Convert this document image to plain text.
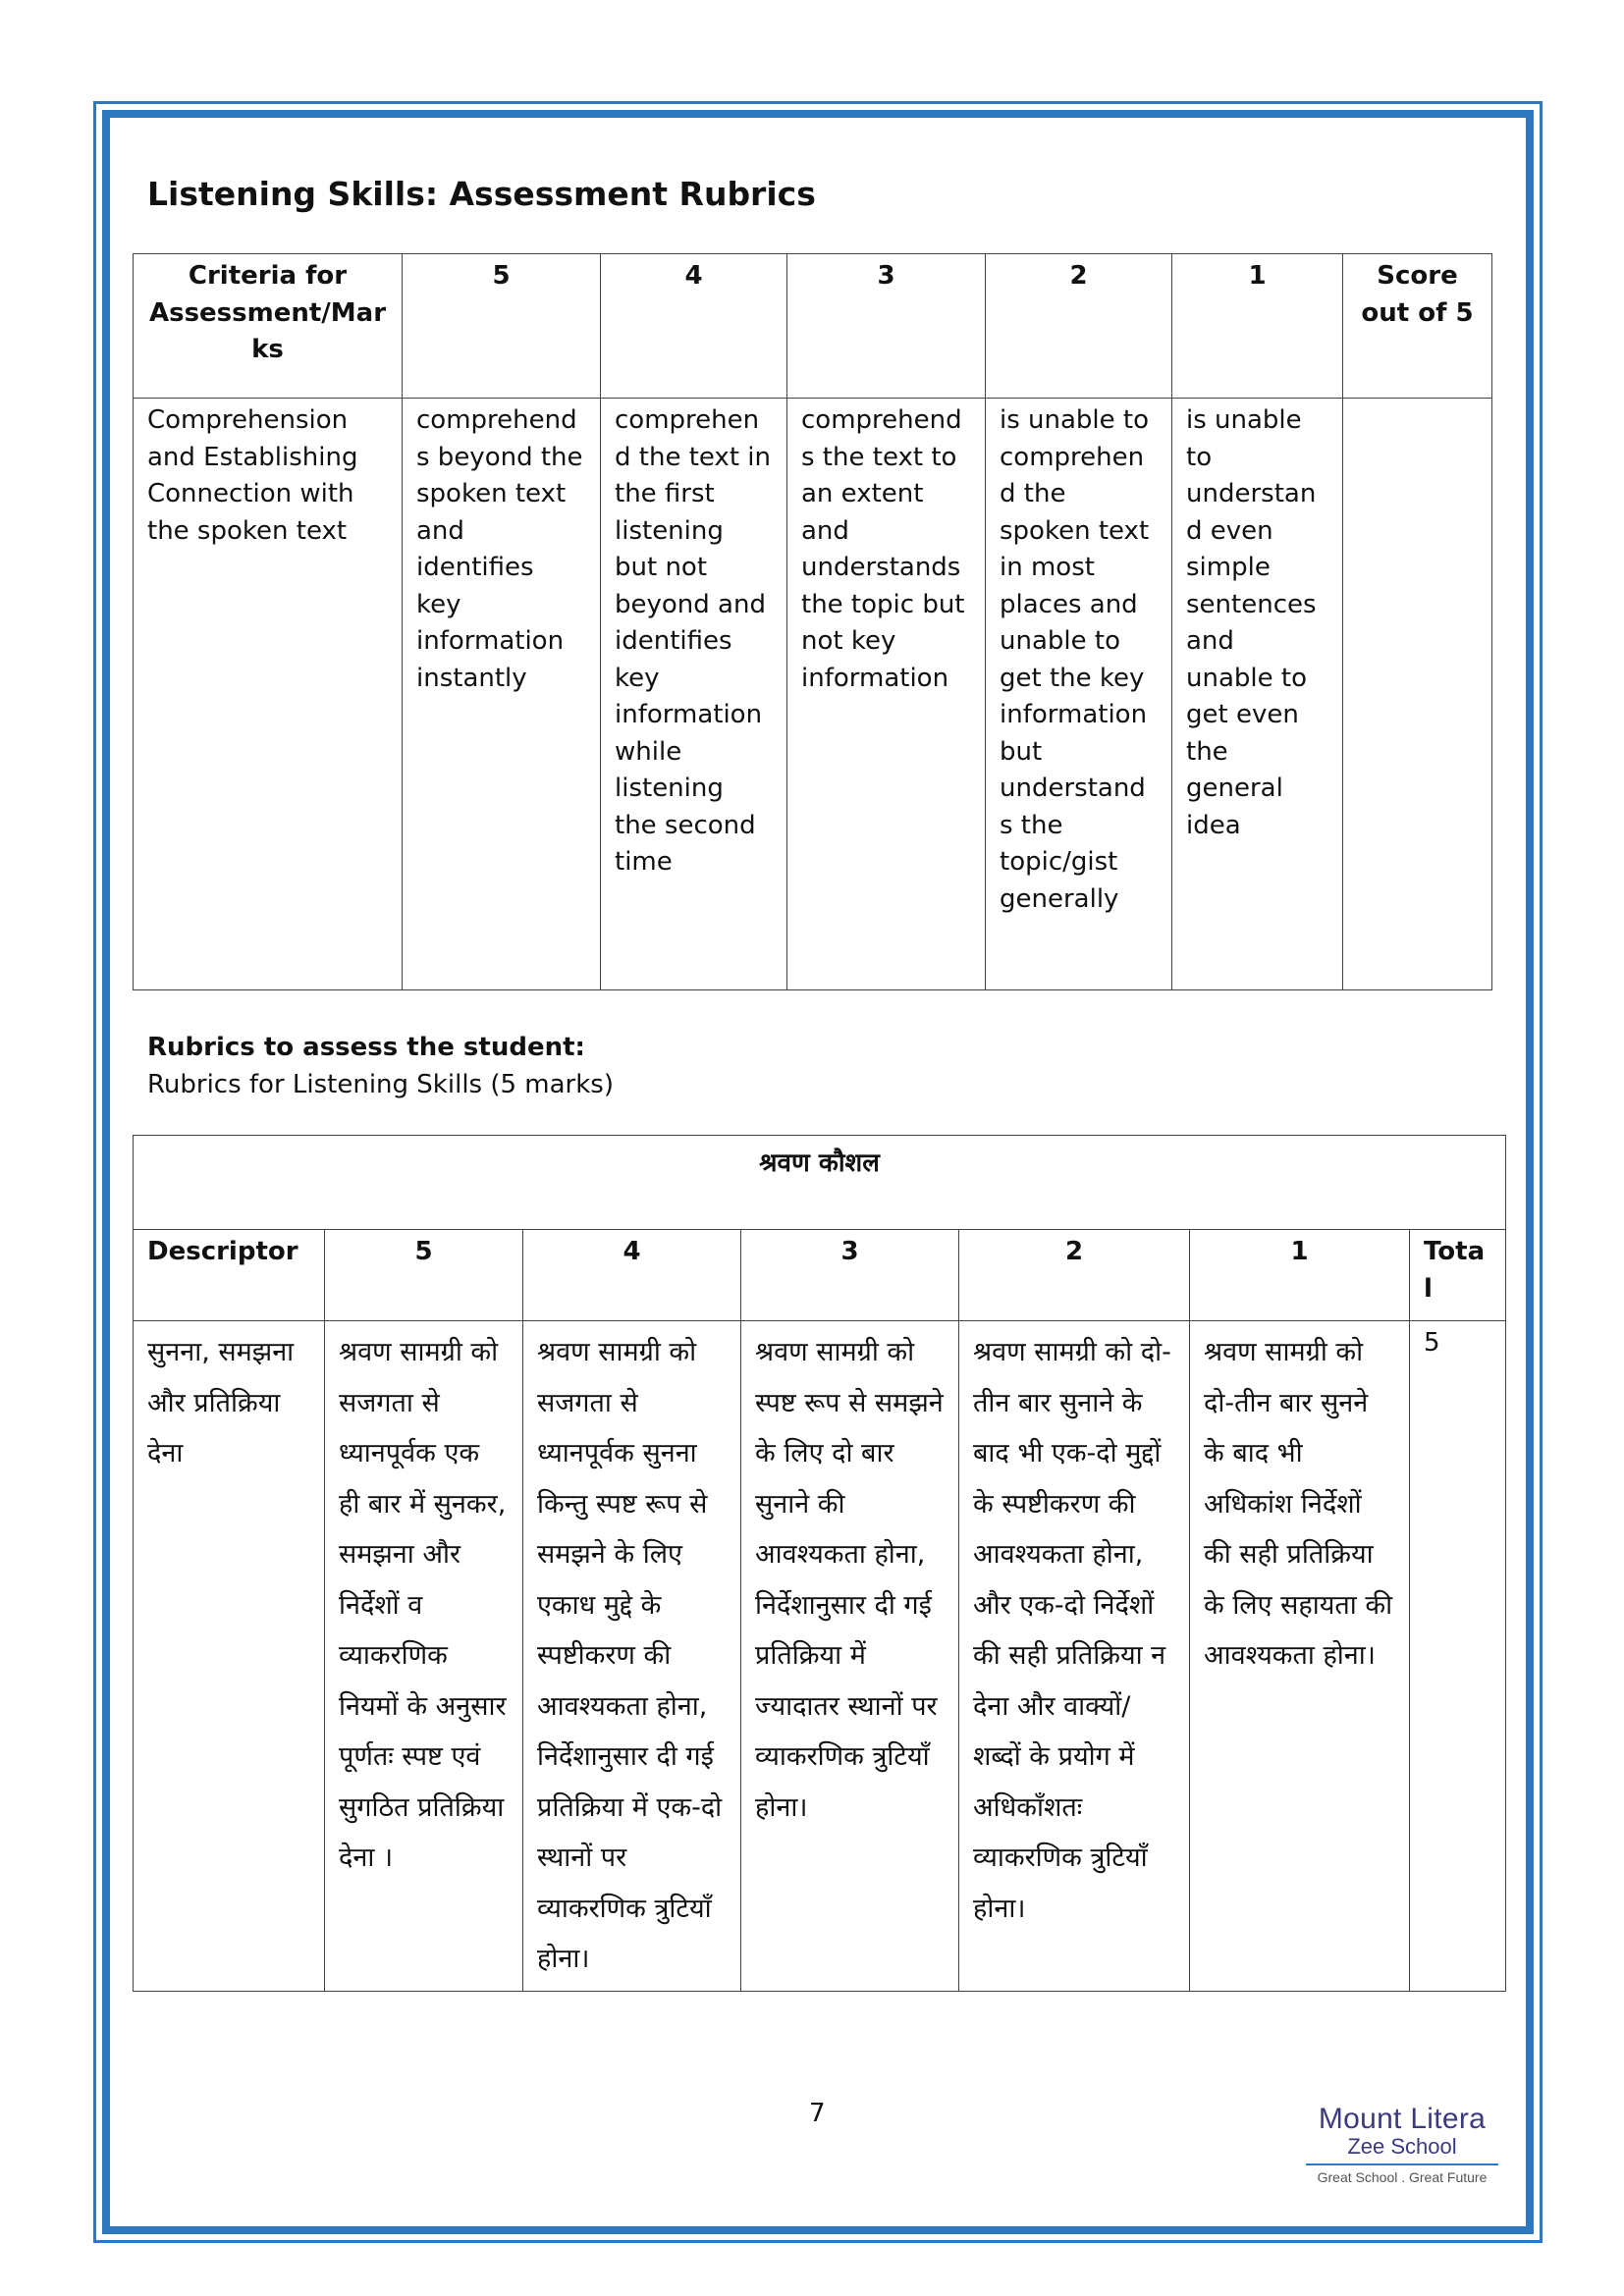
Listening Skills: Assessment Rubrics
Criteria for Assessment/Marks	5	4	3	2	1	Score out of 5
Comprehension and Establishing Connection with the spoken text	comprehends beyond the spoken text and identifies key information instantly	comprehend the text in the first listening but not beyond and identifies key information while listening the second time	comprehends the text to an extent and understands the topic but not key information	is unable to comprehend the spoken text in most places and unable to get the key information but understands the topic/gist generally	is unable to understand even simple sentences and unable to get even the general idea	
Rubrics to assess the student:
Rubrics for Listening Skills (5 marks)
श्रवण कौशल						
Descriptor	5	4	3	2	1	Total
सुनना, समझना और प्रतिक्रिया देना	श्रवण सामग्री को सजगता से ध्यानपूर्वक एक ही बार में सुनकर, समझना और निर्देशों व व्याकरणिक नियमों के अनुसार पूर्णतः स्पष्ट एवं सुगठित प्रतिक्रिया देना ।	श्रवण सामग्री को सजगता से ध्यानपूर्वक सुनना किन्तु स्पष्ट रूप से समझने के लिए एकाध मुद्दे के स्पष्टीकरण की आवश्यकता होना, निर्देशानुसार दी गई प्रतिक्रिया में एक-दो स्थानों पर व्याकरणिक त्रुटियाँ होना।	श्रवण सामग्री को स्पष्ट रूप से समझने के लिए दो बार सुनाने की आवश्यकता होना, निर्देशानुसार दी गई प्रतिक्रिया में ज्यादातर स्थानों पर व्याकरणिक त्रुटियाँ होना।	श्रवण सामग्री को दो-तीन बार सुनाने के बाद भी एक-दो मुद्दों के स्पष्टीकरण की आवश्यकता होना, और एक-दो निर्देशों की सही प्रतिक्रिया न देना और वाक्यों/ शब्दों के प्रयोग में अधिकाँशतः व्याकरणिक त्रुटियाँ होना।	श्रवण सामग्री को दो-तीन बार सुनने के बाद भी अधिकांश निर्देशों की सही प्रतिक्रिया के लिए सहायता की आवश्यकता होना।	5
7	Mount Litera
Zee School
Great School . Great Future
